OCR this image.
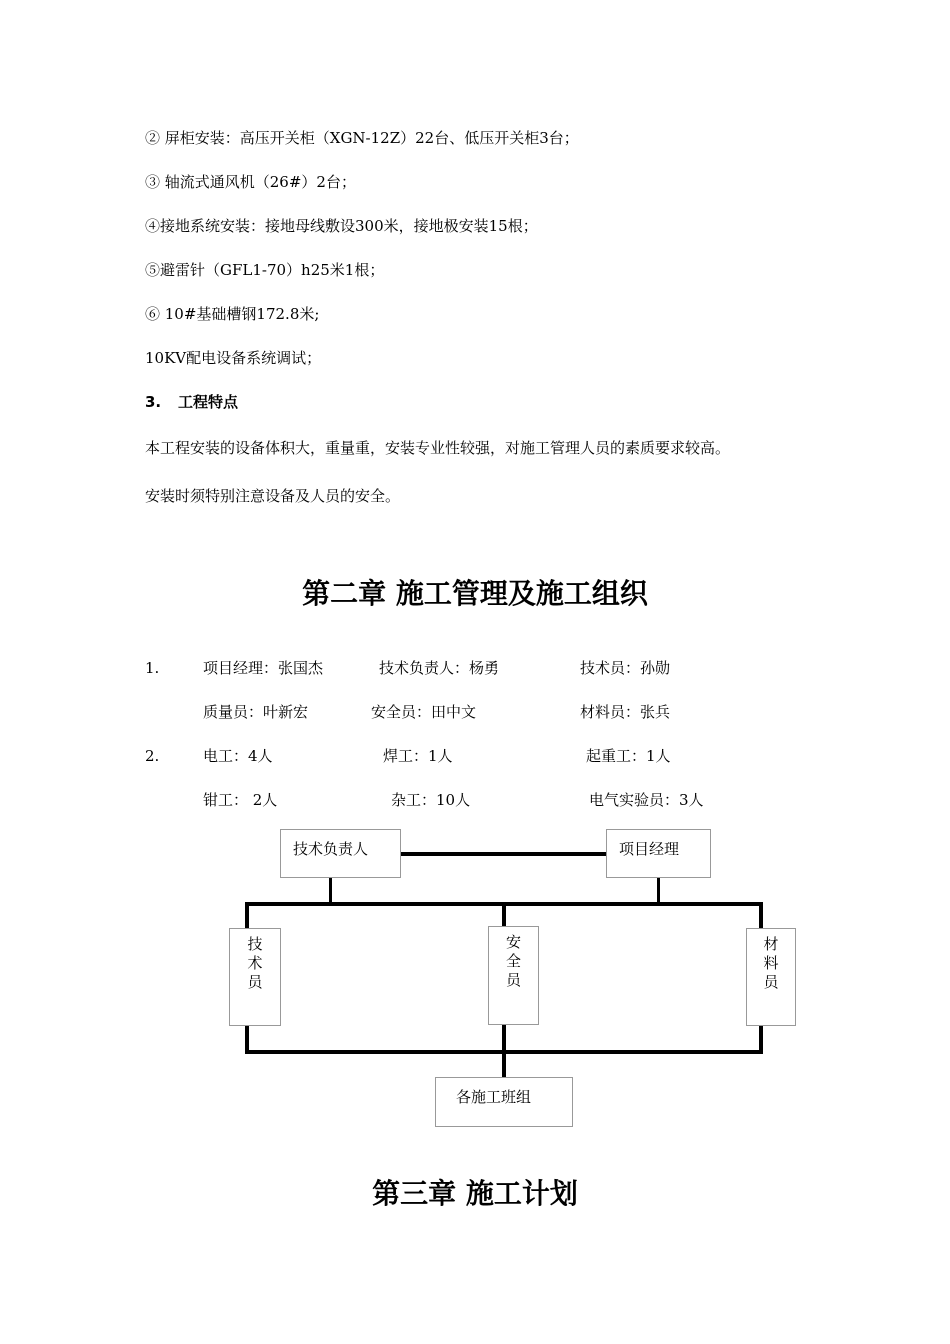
② 屏柜安装：高压开关柜（XGN-12Z）22台、低压开关柜3台；
③ 轴流式通风机（26#）2台；
④接地系统安装：接地母线敷设300米，接地极安装15根；
⑤避雷针（GFL1-70）h25米1根；
⑥ 10#基础槽钢172.8米;
10KV配电设备系统调试；
3. 工程特点
本工程安装的设备体积大，重量重，安装专业性较强，对施工管理人员的素质要求较高。
安装时须特别注意设备及人员的安全。
第二章 施工管理及施工组织
1.	项目经理：张国杰	技术负责人：杨勇	技术员：孙勋
质量员：叶新宏	安全员：田中文	材料员：张兵
2.	电工：4人	焊工：1人	起重工：1人
钳工： 2人	杂工：10人	电气实验员：3人
技术负责人	项目经理
技
术
员
安
全
员
材
料
员
各施工班组
第三章 施工计划
